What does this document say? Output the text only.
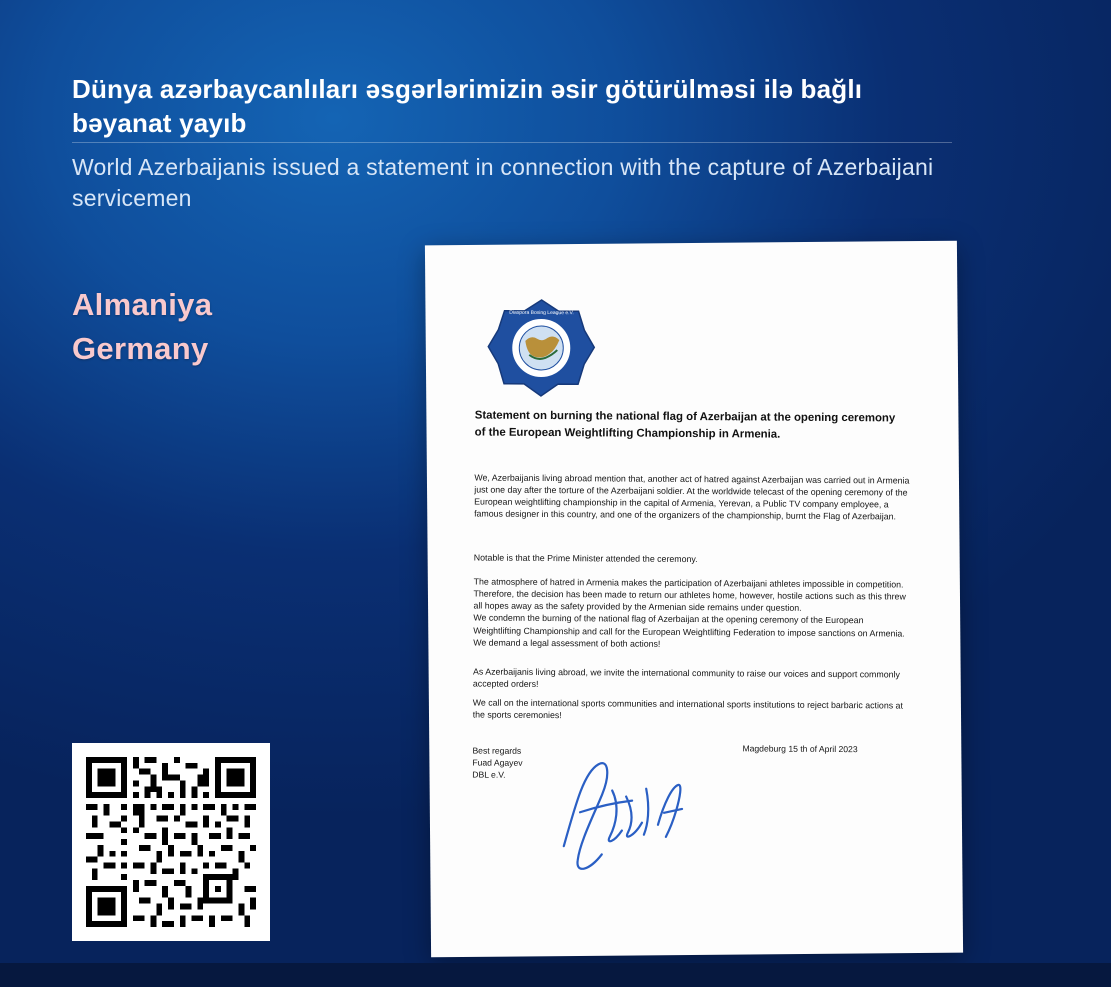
Dünya azərbaycanlıları əsgərlərimizin əsir götürülməsi ilə bağlı bəyanat yayıb
World Azerbaijanis issued a statement in connection with the capture of Azerbaijani servicemen
Almaniya
Germany
Diaspora Boxing League e.V.
Statement on burning the national flag of Azerbaijan at the opening ceremony of the European Weightlifting Championship in Armenia.
We, Azerbaijanis living abroad mention that, another act of hatred against Azerbaijan was carried out in Armenia just one day after the torture of the Azerbaijani soldier. At the worldwide telecast of the opening ceremony of the European weightlifting championship in the capital of Armenia, Yerevan, a Public TV company employee, a famous designer in this country, and one of the organizers of the championship, burnt the Flag of Azerbaijan.
Notable is that the Prime Minister attended the ceremony.
The atmosphere of hatred in Armenia makes the participation of Azerbaijani athletes impossible in competition. Therefore, the decision has been made to return our athletes home, however, hostile actions such as this threw all hopes away as the safety provided by the Armenian side remains under question.
We condemn the burning of the national flag of Azerbaijan at the opening ceremony of the European Weightlifting Championship and call for the European Weightlifting Federation to impose sanctions on Armenia.
We demand a legal assessment of both actions!
As Azerbaijanis living abroad, we invite the international community to raise our voices and support commonly accepted orders!
We call on the international sports communities and international sports institutions to reject barbaric actions at the sports ceremonies!
Best regards
Fuad Agayev
DBL e.V.
Magdeburg 15 th of April 2023
